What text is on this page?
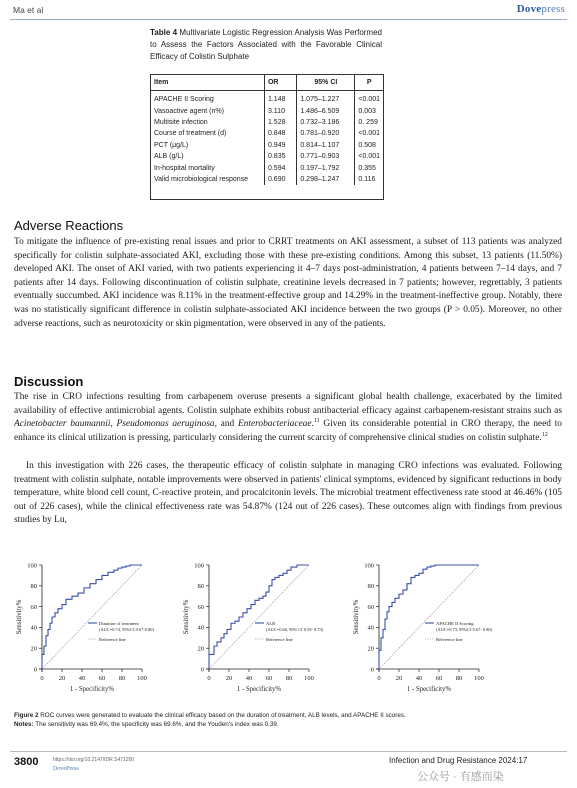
Ma et al	Dovepress
Table 4 Multivariate Logistic Regression Analysis Was Performed to Assess the Factors Associated with the Favorable Clinical Efficacy of Colistin Sulphate
Item	OR	95% CI	P
APACHE II Scoring	1.148	1.075–1.227	<0.001
Vasoactive agent (n%)	3.110	1.486–6.509	0.003
Multisite infection	1.528	0.732–3.186	0. 259
Course of treatment (d)	0.848	0.781–0.920	<0.001
PCT (μg/L)	0.949	0.814–1.107	0.508
ALB (g/L)	0.835	0.771–0.903	<0.001
In-hospital mortality	0.594	0.197–1.792	0.355
Valid microbiological response	0.690	0.298–1.247	0.116
Adverse Reactions
To mitigate the influence of pre-existing renal issues and prior to CRRT treatments on AKI assessment, a subset of 113 patients was analyzed specifically for colistin sulphate-associated AKI, excluding those with these pre-existing conditions. Among this subset, 13 patients (11.50%) developed AKI. The onset of AKI varied, with two patients experiencing it 4–7 days post-administration, 4 patients between 7–14 days, and 7 patients after 14 days. Following discontinuation of colistin sulphate, creatinine levels decreased in 7 patients; however, regrettably, 3 patients eventually succumbed. AKI incidence was 8.11% in the treatment-effective group and 14.29% in the treatment-ineffective group. Notably, there was no statistically significant difference in colistin sulphate-associated AKI incidence between the two groups (P > 0.05). Moreover, no other adverse reactions, such as neurotoxicity or skin pigmentation, were observed in any of the patients.
Discussion
The rise in CRO infections resulting from carbapenem overuse presents a significant global health challenge, exacerbated by the limited availability of effective antimicrobial agents. Colistin sulphate exhibits robust antibacterial efficacy against carbapenem-resistant strains such as Acinetobacter baumannii, Pseudomonas aeruginosa, and Enterobacteriaceae.$^{11}$ Given its considerable potential in CRO therapy, the need to enhance its clinical utilization is pressing, particularly considering the current scarcity of comprehensive clinical studies on colistin sulphate.$^{12}$
In this investigation with 226 cases, the therapeutic efficacy of colistin sulphate in managing CRO infections was evaluated. Following treatment with colistin sulphate, notable improvements were observed in patients' clinical symptoms, evidenced by significant reductions in body temperature, white blood cell count, C-reactive protein, and procalcitonin levels. The microbial treatment effectiveness rate stood at 46.46% (105 out of 226 cases), while the clinical effectiveness rate was 54.87% (124 out of 226 cases). These outcomes align with findings from previous studies by Lu,
0
20
40
60
80
100
0 20 40 60 80 100
1 - Specificity%
Sensitivity%	Duration of treatment
(AUC=0.74, 95%CI 0.67-0.80)
Reference line
0
20
40
60
80
100
0 20 40 60 80 100
1 - Specificity%
Sensitivity%	ALB
(AUC=0.66, 95% CI 0.59- 0.73)
Reference line
0
20
40
60
80
100
0 20 40 60 80 100
1 - Specificity%
Sensitivity%	APACHE II Scoring
(AUC=0.73, 95%CI 0.67- 0.80)
Reference line
Figure 2 ROC curves were generated to evaluate the clinical efficacy based on the duration of treatment, ALB levels, and APACHE II scores.
Notes: The sensitivity was 69.4%, the specificity was 69.6%, and the Youden's index was 0.39.
3800	https://doi.org/10.2147/IDR.S471200
DovePress
Infection and Drug Resistance 2024:17
公众号 · 有感而染
